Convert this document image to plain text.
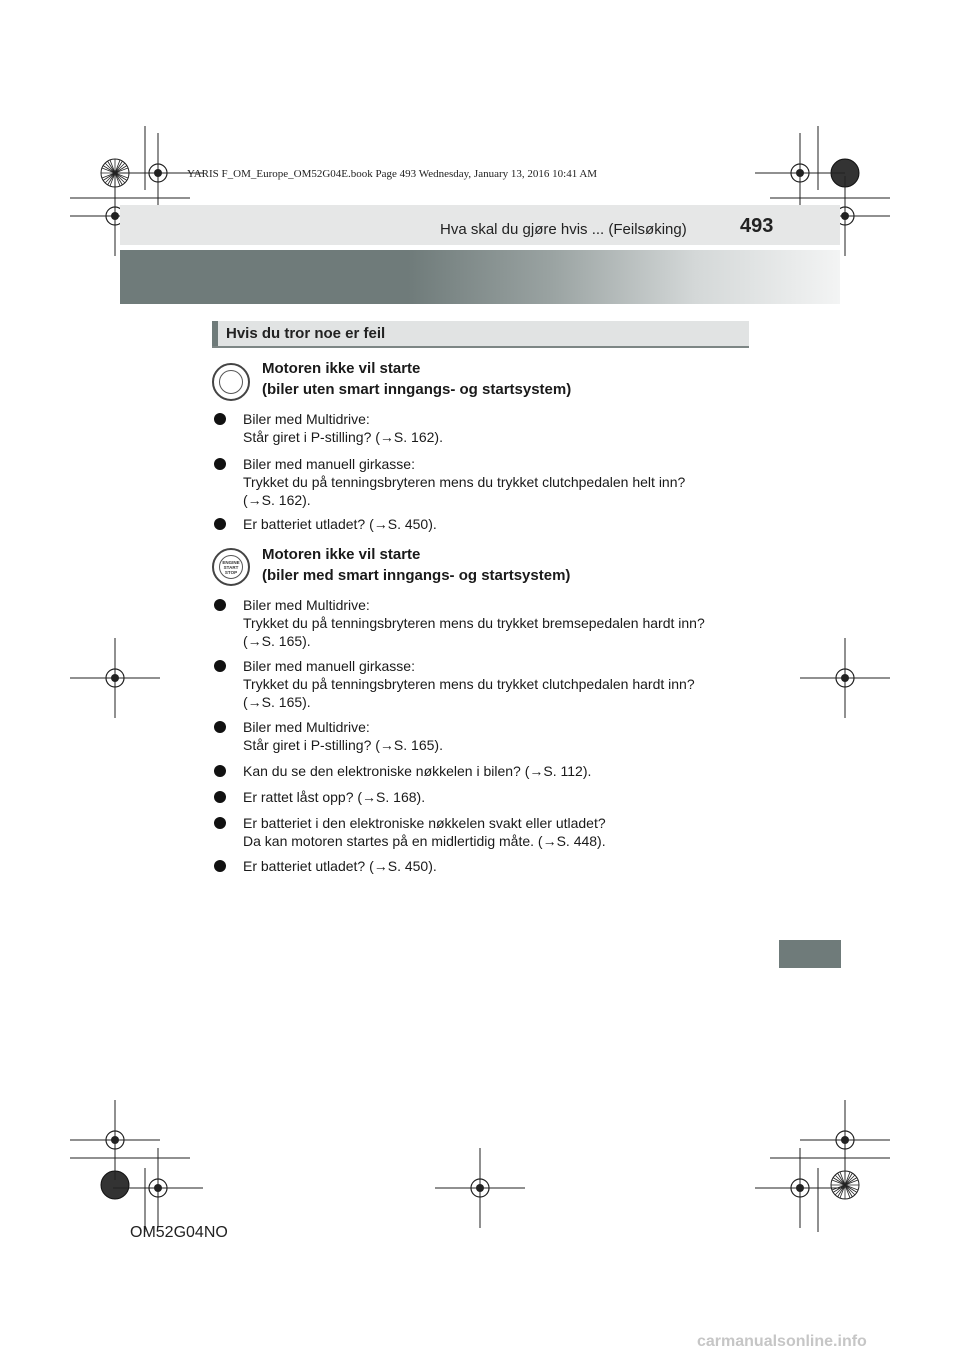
YARIS F_OM_Europe_OM52G04E.book Page 493 Wednesday, January 13, 2016 10:41 AM
Hva skal du gjøre hvis ... (Feilsøking)	493
Hvis du tror noe er feil
Motoren ikke vil starte
(biler uten smart inngangs- og startsystem)
Biler med Multidrive:
Står giret i P-stilling? (→S. 162).
Biler med manuell girkasse:
Trykket du på tenningsbryteren mens du trykket clutchpedalen helt inn?
(→S. 162).
Er batteriet utladet? (→S. 450).
ENGINE
START
STOP
Motoren ikke vil starte
(biler med smart inngangs- og startsystem)
Biler med Multidrive:
Trykket du på tenningsbryteren mens du trykket bremsepedalen hardt inn?
(→S. 165).
Biler med manuell girkasse:
Trykket du på tenningsbryteren mens du trykket clutchpedalen hardt inn?
(→S. 165).
Biler med Multidrive:
Står giret i P-stilling? (→S. 165).
Kan du se den elektroniske nøkkelen i bilen? (→S. 112).
Er rattet låst opp? (→S. 168).
Er batteriet i den elektroniske nøkkelen svakt eller utladet?
Da kan motoren startes på en midlertidig måte. (→S. 448).
Er batteriet utladet? (→S. 450).
OM52G04NO
carmanualsonline.info
